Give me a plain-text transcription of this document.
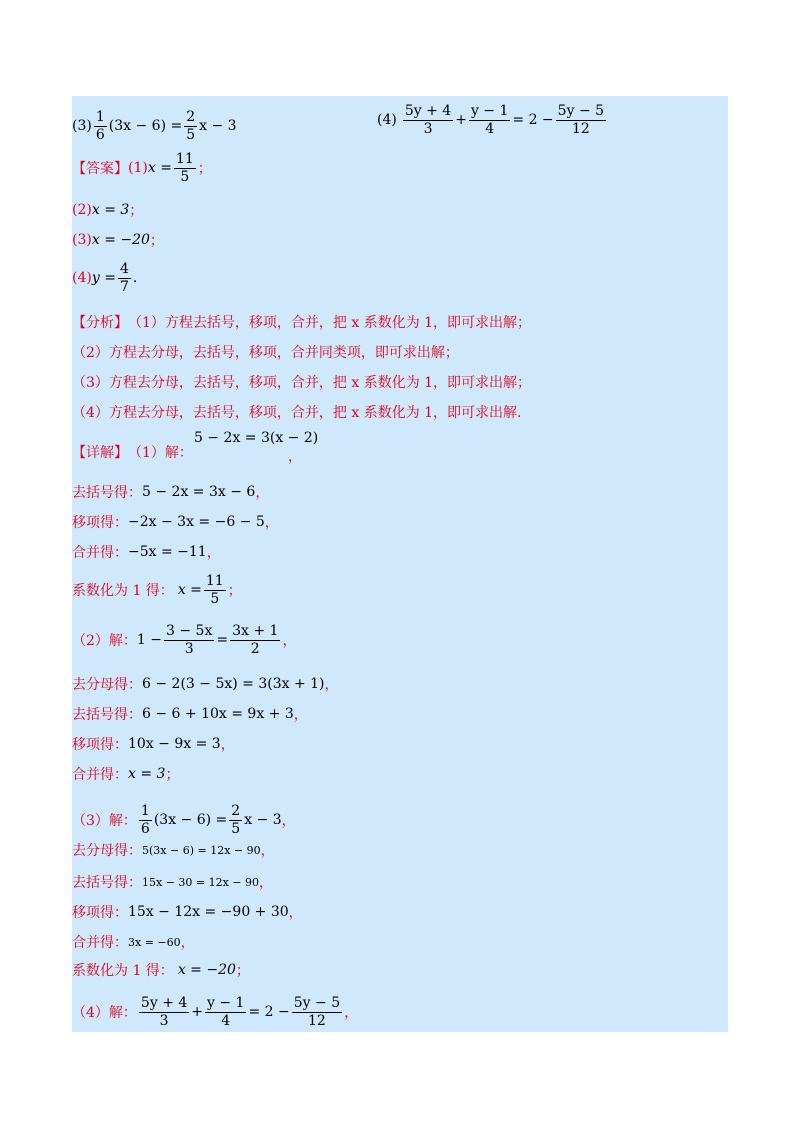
$(3) \frac{1}{6} (3x - 6) = \frac{2}{5}$ x − 3	$(4) \frac{5y + 4}{3} + \frac{y - 1}{4} = 2 - \frac{5y - 5}{12}$
【答案】 (1) $x = \frac{11}{5}$ ；
(2) x = 3 ；
(3) x = −20 ；
(4) $y = \frac{4}{7}$ .
【分析】 （1）方程去括号，移项，合并，把 x 系数化为 1，即可求出解；
（2）方程去分母，去括号，移项，合并同类项，即可求出解；
（3）方程去分母，去括号，移项，合并，把 x 系数化为 1，即可求出解；
（4）方程去分母，去括号，移项，合并，把 x 系数化为 1，即可求出解.
【详解】 （1）解：
5 − 2x = 3(x − 2)
，
去括号得： 5 − 2x = 3x − 6 ，
移项得： −2x − 3x = −6 − 5 ，
合并得： −5x = −11 ，
系数化为 1 得： $x = \frac{11}{5}$ ；
（2）解： $1 - \frac{3 - 5x}{3} = \frac{3x + 1}{2}$ ，
去分母得： 6 − 2(3 − 5x) = 3(3x + 1) ，
去括号得： 6 − 6 + 10x = 9x + 3 ，
移项得： 10x − 9x = 3 ，
合并得： x = 3 ；
（3）解： $\frac{1}{6} (3x - 6) = \frac{2}{5}$ x − 3 ，
去分母得： 5(3x − 6) = 12x − 90 ，
去括号得： 15x − 30 = 12x − 90 ，
移项得： 15x − 12x = −90 + 30 ，
合并得： 3x = −60 ，
系数化为 1 得： x = −20 ；
（4）解： $\frac{5y + 4}{3} + \frac{y - 1}{4} = 2 - \frac{5y - 5}{12}$ ，
